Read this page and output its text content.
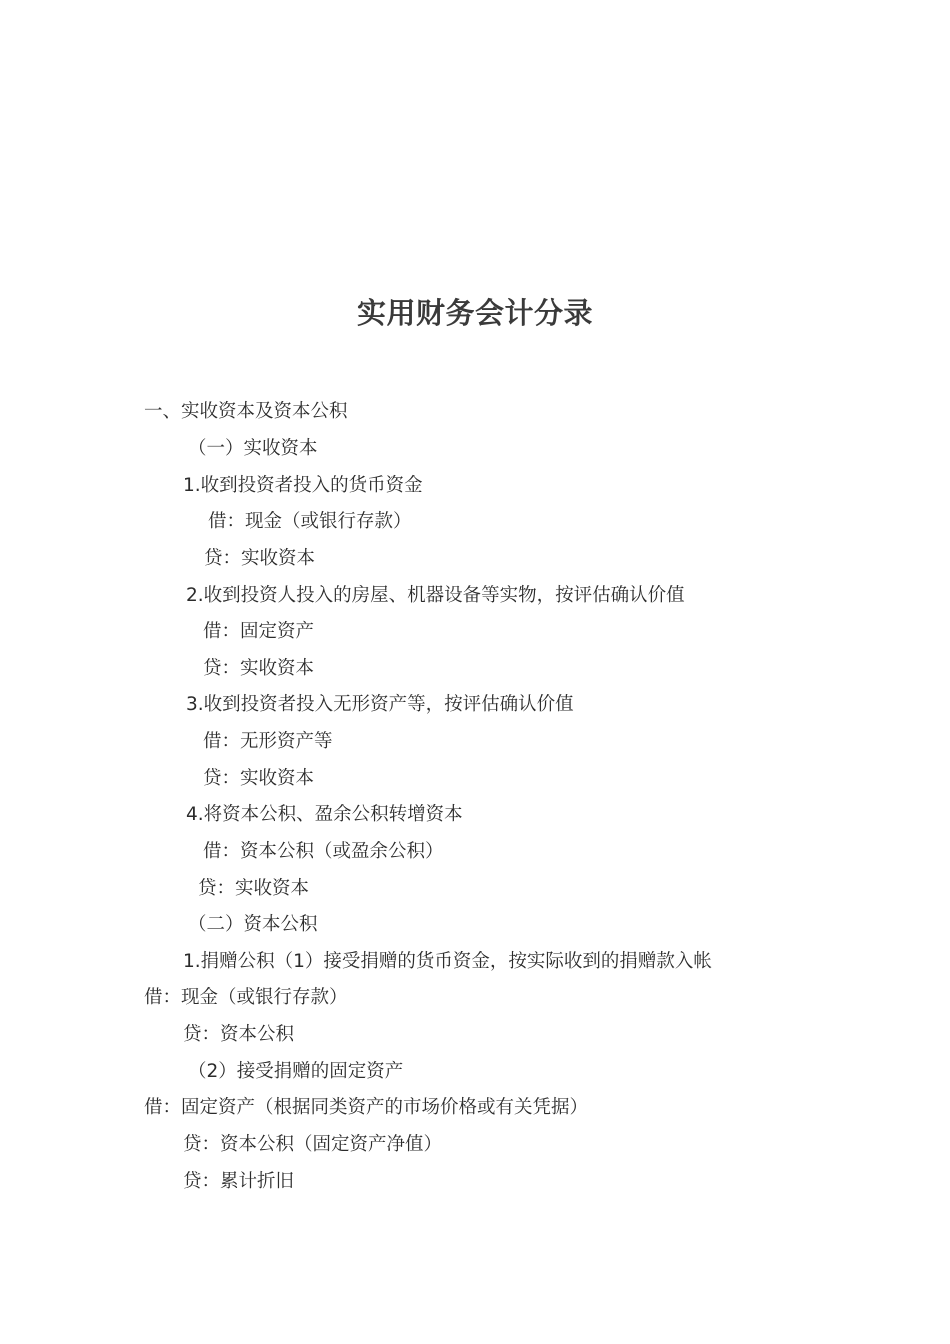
实用财务会计分录
一、实收资本及资本公积
（一）实收资本
1.收到投资者投入的货币资金
借：现金（或银行存款）
贷：实收资本
2.收到投资人投入的房屋、机器设备等实物，按评估确认价值
借：固定资产
贷：实收资本
3.收到投资者投入无形资产等，按评估确认价值
借：无形资产等
贷：实收资本
4.将资本公积、盈余公积转增资本
借：资本公积（或盈余公积）
贷：实收资本
（二）资本公积
1.捐赠公积（1）接受捐赠的货币资金，按实际收到的捐赠款入帐
借：现金（或银行存款）
贷：资本公积
（2）接受捐赠的固定资产
借：固定资产（根据同类资产的市场价格或有关凭据）
贷：资本公积（固定资产净值）
贷：累计折旧
